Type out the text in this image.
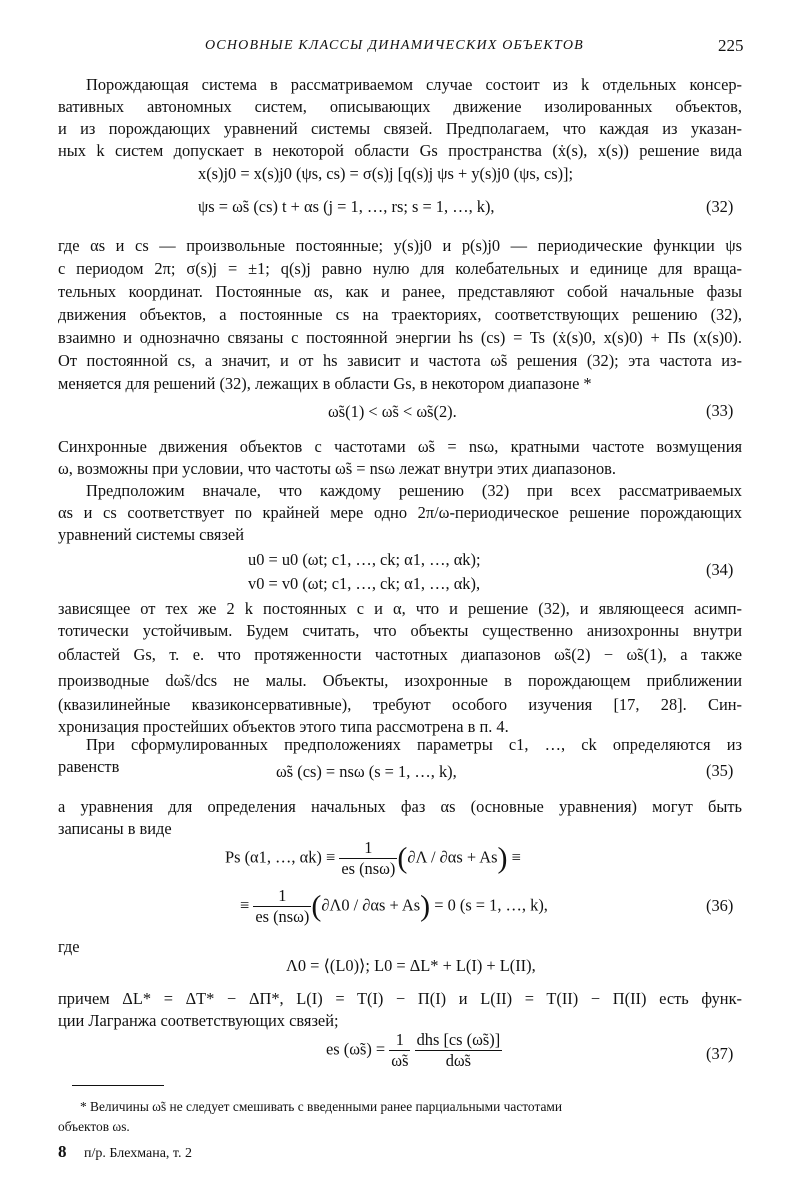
ОСНОВНЫЕ КЛАССЫ ДИНАМИЧЕСКИХ ОБЪЕКТОВ	225
Порождающая система в рассматриваемом случае состоит из k отдельных консер-
вативных автономных систем, описывающих движение изолированных объектов,
и из порождающих уравнений системы связей. Предполагаем, что каждая из указан-
ных k систем допускает в некоторой области Gs пространства (ẋ(s), x(s)) решение вида
x(s)j0 = x(s)j0 (ψs, cs) = σ(s)j [q(s)j ψs + y(s)j0 (ψs, cs)];
ψs = ω̃s (cs) t + αs (j = 1, …, rs; s = 1, …, k),	(32)
где αs и cs — произвольные постоянные; y(s)j0 и p(s)j0 — периодические функции ψs
с периодом 2π; σ(s)j = ±1; q(s)j равно нулю для колебательных и единице для враща-
тельных координат. Постоянные αs, как и ранее, представляют собой начальные фазы
движения объектов, а постоянные cs на траекториях, соответствующих решению (32),
взаимно и однозначно связаны с постоянной энергии hs (cs) = Ts (ẋ(s)0, x(s)0) + Πs (x(s)0).
От постоянной cs, а значит, и от hs зависит и частота ω̃s решения (32); эта частота из-
меняется для решений (32), лежащих в области Gs, в некотором диапазоне *
ω̃s(1) < ω̃s < ω̃s(2).	(33)
Синхронные движения объектов с частотами ω̃s = nsω, кратными частоте возмущения
ω, возможны при условии, что частоты ω̃s = nsω лежат внутри этих диапазонов.
Предположим вначале, что каждому решению (32) при всех рассматриваемых
αs и cs соответствует по крайней мере одно 2π/ω-периодическое решение порождающих
уравнений системы связей
u0 = u0 (ωt; c1, …, ck; α1, …, αk);
v0 = v0 (ωt; c1, …, ck; α1, …, αk),
(34)
зависящее от тех же 2 k постоянных c и α, что и решение (32), и являющееся асимп-
тотически устойчивым. Будем считать, что объекты существенно анизохронны внутри
областей Gs, т. е. что протяженности частотных диапазонов ω̃s(2) − ω̃s(1), а также
производные dω̃s/dcs не малы. Объекты, изохронные в порождающем приближении
(квазилинейные квазиконсервативные), требуют особого изучения [17, 28]. Син-
хронизация простейших объектов этого типа рассмотрена в п. 4.
При сформулированных предположениях параметры c1, …, ck определяются из
равенств	ω̃s (cs) = nsω (s = 1, …, k),	(35)
а уравнения для определения начальных фаз αs (основные уравнения) могут быть
записаны в виде
Ps (α1, …, $\alpha k) \equiv \frac{1}{\text{es (nsω)}} (\partial\Lambda / \partial\alpha s + As)$ ≡
≡ $\frac{1}{\text{es (nsω)}} (\partial\Lambda 0 / \partial\alpha s + As) = 0$ (s = 1, …, k),	(36)
где
Λ0 = ⟨(L0)⟩; L0 = ΔL* + L(I) + L(II),
причем ΔL* = ΔT* − ΔΠ*, L(I) = T(I) − Π(I) и L(II) = T(II) − Π(II) есть функ-
ции Лагранжа соответствующих связей;
es (ω̃s) = $\frac{1}{\omegãs}$
$\frac{\text{dhs [cs (ω̃s)]}}{d\omegãs}$	(37)
* Величины ω̃s не следует смешивать с введенными ранее парциальными частотами
объектов ωs.
8 п/р. Блехмана, т. 2
